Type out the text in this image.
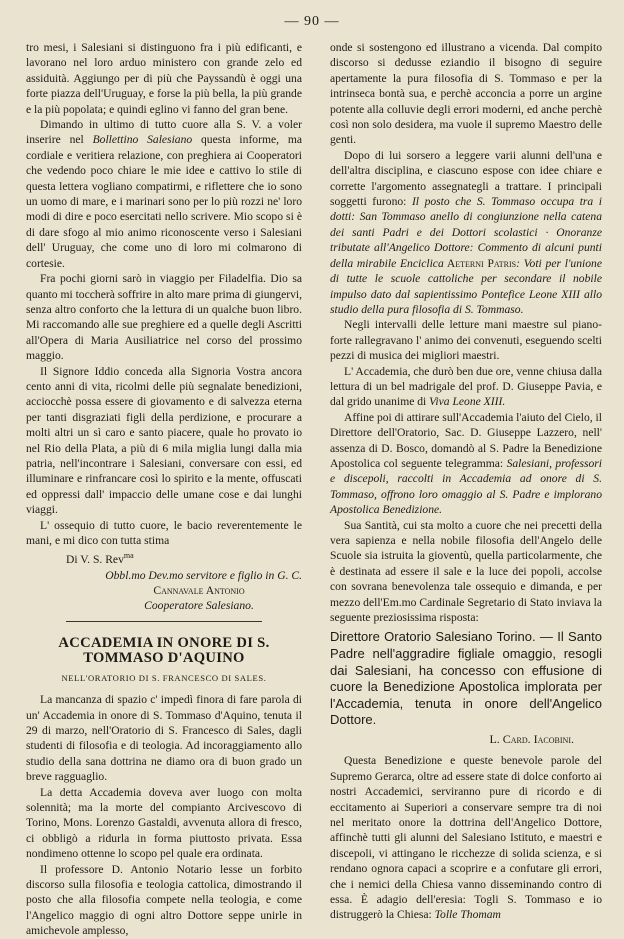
— 90 —

tro mesi, i Salesiani si distinguono fra i più edificanti, e lavorano nel loro arduo ministero con grande zelo ed assiduità. Aggiungo per di più che Payssandù è oggi una forte piazza dell'Uruguay, e forse la più bella, la più grande e la più popolata; e quindi eglino vi fanno del gran bene.

Dimando in ultimo di tutto cuore alla S. V. a voler inserire nel Bollettino Salesiano questa informe, ma cordiale e veritiera relazione, con preghiera ai Cooperatori che vedendo poco chiare le mie idee e cattivo lo stile di questa lettera vogliano compatirmi, e riflettere che io sono un uomo di mare, e i marinari sono per lo più rozzi ne' loro modi di dire e poco esercitati nello scrivere. Mio scopo si è di dare sfogo al mio animo riconoscente verso i Salesiani dell' Uruguay, che come uno di loro mi colmarono di cortesie.

Fra pochi giorni sarò in viaggio per Filadelfia. Dio sa quanto mi toccherà soffrire in alto mare prima di giungervi, senza altro conforto che la lettura di un qualche buon libro. Mi raccomando alle sue preghiere ed a quelle degli Ascritti all'Opera di Maria Ausiliatrice nel corso del prossimo maggio.

Il Signore Iddio conceda alla Signoria Vostra ancora cento anni di vita, ricolmi delle più segnalate benedizioni, acciocchè possa essere di giovamento e di salvezza eterna per tanti disgraziati figli della perdizione, e procurare a molti altri un sì caro e santo piacere, quale ho provato io nel Rio della Plata, a più di 6 mila miglia lungi dalla mia patria, nell'incontrare i Salesiani, conversare con essi, ed illuminare e rinfrancare così lo spirito e la mente, offuscati ed oppressi dall' impaccio delle umane cose e dai lunghi viaggi.

L' ossequio di tutto cuore, le bacio reverentemente le mani, e mi dico con tutta stima

Di V. S. Rev$^{ma}$

Obbl.mo Dev.mo servitore e figlio in G. C.

Cannavale Antonio

Cooperatore Salesiano.

ACCADEMIA IN ONORE DI S. TOMMASO D'AQUINO
NELL'ORATORIO DI S. FRANCESCO DI SALES.

La mancanza di spazio c' impedì finora di fare parola di un' Accademia in onore di S. Tommaso d'Aquino, tenuta il 29 di marzo, nell'Oratorio di S. Francesco di Sales, dagli studenti di filosofia e di teologia. Ad incoraggiamento allo studio della sana dottrina ne diamo ora di buon grado un breve ragguaglio.

La detta Accademia doveva aver luogo con molta solennità; ma la morte del compianto Arcivescovo di Torino, Mons. Lorenzo Gastaldi, avvenuta allora di fresco, ci obbligò a ridurla in forma piuttosto privata. Essa nondimeno ottenne lo scopo pel quale era ordinata.

Il professore D. Antonio Notario lesse un forbito discorso sulla filosofia e teologia cattolica, dimostrando il posto che alla filosofia compete nella teologia, e come l'Angelico maggio di ogni altro Dottore seppe unirle in amichevole amplesso,

onde si sostengono ed illustrano a vicenda. Dal compito discorso si dedusse eziandio il bisogno di seguire apertamente la pura filosofia di S. Tommaso e per la intrinseca bontà sua, e perchè acconcia a porre un argine potente alla colluvie degli errori moderni, ed anche perchè così non solo desidera, ma vuole il supremo Maestro delle genti.

Dopo di lui sorsero a leggere varii alunni dell'una e dell'altra disciplina, e ciascuno espose con idee chiare e corrette l'argomento assegnategli a trattare. I principali soggetti furono: Il posto che S. Tommaso occupa tra i dotti: San Tommaso anello di congiunzione nella catena dei santi Padri e dei Dottori scolastici · Onoranze tributate all'Angelico Dottore: Commento di alcuni punti della mirabile Enciclica Aeterni Patris: Voti per l'unione di tutte le scuole cattoliche per secondare il nobile impulso dato dal sapientissimo Pontefice Leone XIII allo studio della pura filosofia di S. Tommaso.

Negli intervalli delle letture mani maestre sul piano-forte rallegravano l' animo dei convenuti, eseguendo scelti pezzi di musica dei migliori maestri.

L' Accademia, che durò ben due ore, venne chiusa dalla lettura di un bel madrigale del prof. D. Giuseppe Pavia, e dal grido unanime di Viva Leone XIII.

Affine poi di attirare sull'Accademia l'aiuto del Cielo, il Direttore dell'Oratorio, Sac. D. Giuseppe Lazzero, nell' assenza di D. Bosco, domandò al S. Padre la Benedizione Apostolica col seguente telegramma: Salesiani, professori e discepoli, raccolti in Accademia ad onore di S. Tommaso, offrono loro omaggio al S. Padre e implorano Apostolica Benedizione.

Sua Santità, cui sta molto a cuore che nei precetti della vera sapienza e nella nobile filosofia dell'Angelo delle Scuole sia istruita la gioventù, quella particolarmente, che è destinata ad essere il sale e la luce dei popoli, accolse con sovrana benevolenza tale ossequio e dimanda, e per mezzo dell'Em.mo Cardinale Segretario di Stato inviava la seguente preziosissima risposta:

Direttore Oratorio Salesiano Torino. — Il Santo Padre nell'aggradire figliale omaggio, resogli dai Salesiani, ha concesso con effusione di cuore la Benedizione Apostolica implorata per l'Accademia, tenuta in onore dell'Angelico Dottore.

L. Card. Iacobini.

Questa Benedizione e queste benevole parole del Supremo Gerarca, oltre ad essere state di dolce conforto ai nostri Accademici, serviranno pure di ricordo e di eccitamento ai Superiori a conservare sempre tra di noi nel meritato onore la dottrina dell'Angelico Dottore, affinchè tutti gli alunni del Salesiano Istituto, e maestri e discepoli, vi attingano le ricchezze di solida scienza, e si rendano ognora capaci a scoprire e a confutare gli errori, che i nemici della Chiesa vanno disseminando contro di essa. È adagio dell'eresia: Togli S. Tommaso e io distruggerò la Chiesa: Tolle Thomam
